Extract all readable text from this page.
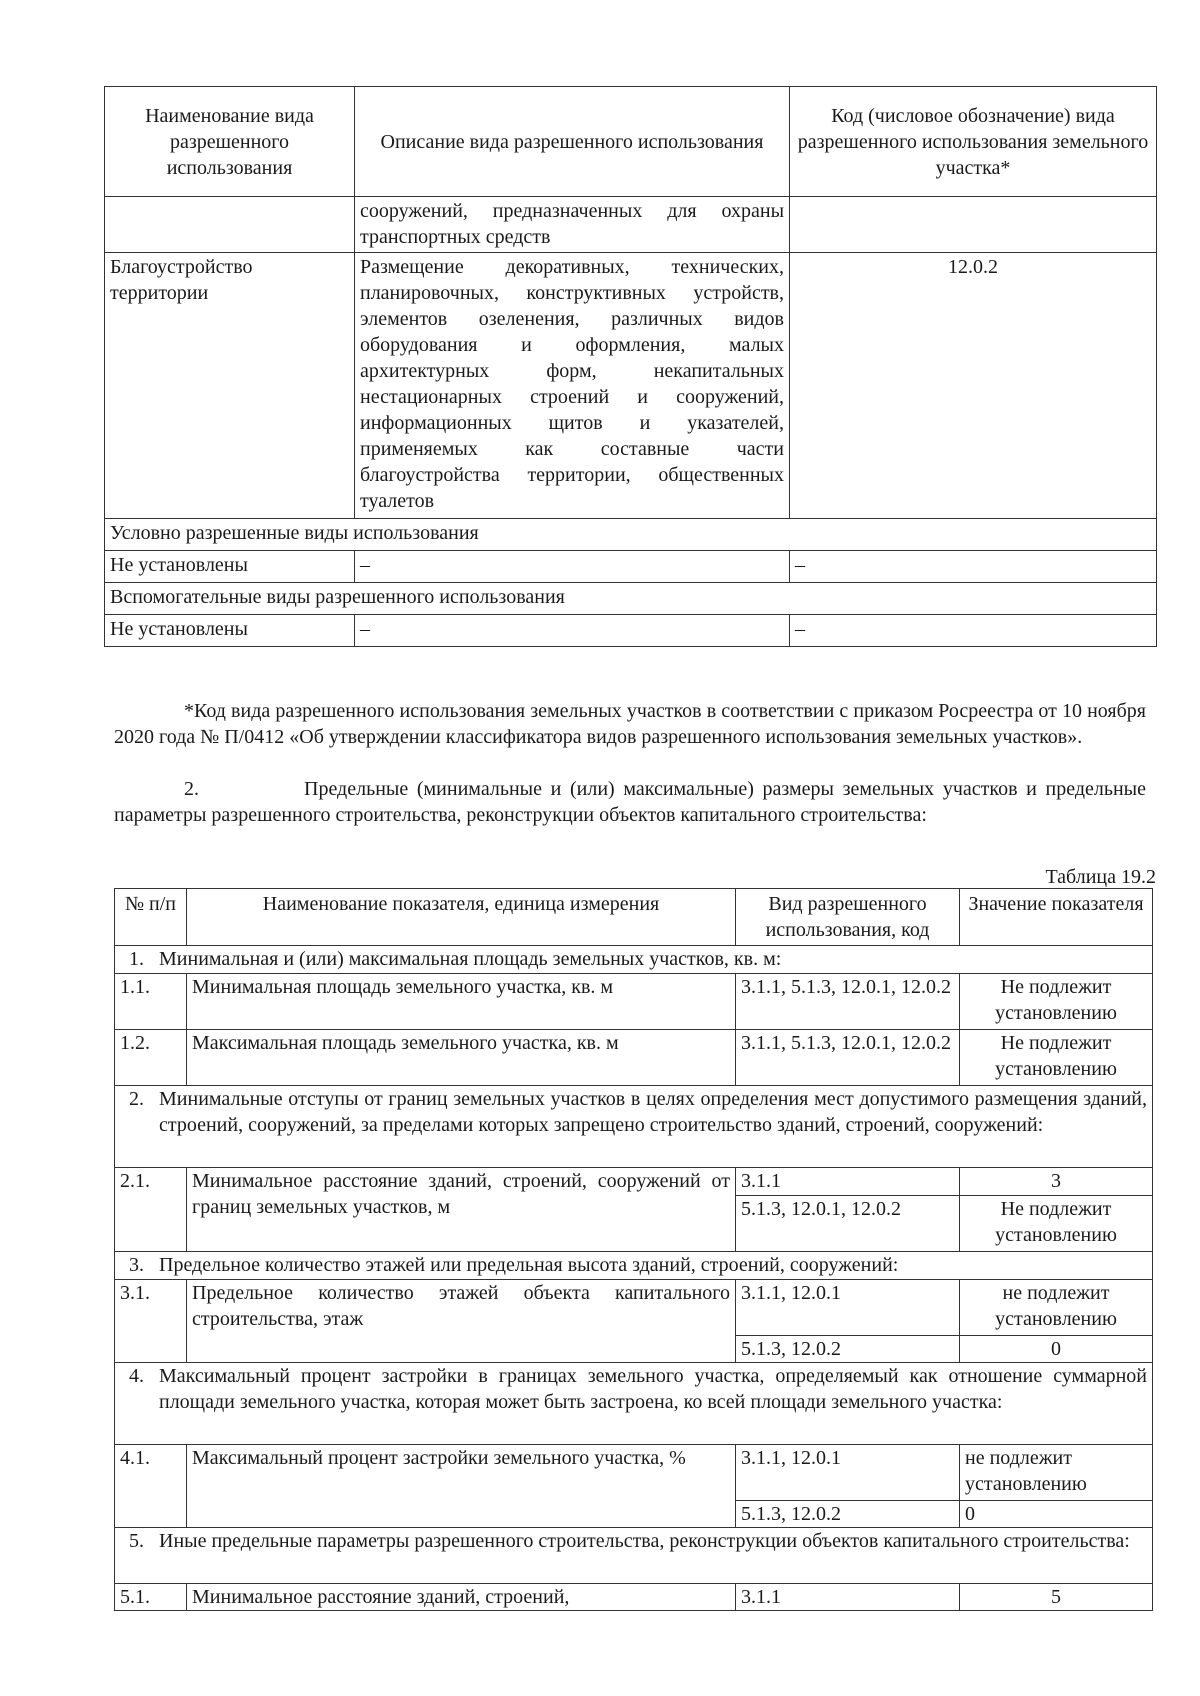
Наименование вида разрешенного использования	Описание вида разрешенного использования	Код (числовое обозначение) вида разрешенного использования земельного участка*
	сооружений, предназначенных для охраны транспортных средств	
Благоустройство территории	Размещение декоративных, технических, планировочных, конструктивных устройств, элементов озеленения, различных видов оборудования и оформления, малых архитектурных форм, некапитальных нестационарных строений и сооружений, информационных щитов и указателей, применяемых как составные части благоустройства территории, общественных туалетов	12.0.2
Условно разрешенные виды использования		
Не установлены	–	–
Вспомогательные виды разрешенного использования		
Не установлены	–	–

*Код вида разрешенного использования земельных участков в соответствии с приказом Росреестра от 10 ноября 2020 года № П/0412 «Об утверждении классификатора видов разрешенного использования земельных участков».

2.	Предельные (минимальные и (или) максимальные) размеры земельных участков и предельные параметры разрешенного строительства, реконструкции объектов капитального строительства:

Таблица 19.2

№ п/п	Наименование показателя, единица измерения	Вид разрешенного использования, код	Значение показателя

1. Минимальная и (или) максимальная площадь земельных участков, кв. м:			

1.1.	Минимальная площадь земельного участка, кв. м	3.1.1, 5.1.3, 12.0.1, 12.0.2	Не подлежит установлению
1.2.	Максимальная площадь земельного участка, кв. м	3.1.1, 5.1.3, 12.0.1, 12.0.2	Не подлежит установлению

2. Минимальные отступы от границ земельных участков в целях определения мест допустимого размещения зданий, строений, сооружений, за пределами которых запрещено строительство зданий, строений, сооружений:			

2.1.	Минимальное расстояние зданий, строений, сооружений от границ земельных участков, м	3.1.1	3
		5.1.3, 12.0.1, 12.0.2	Не подлежит установлению

3. Предельное количество этажей или предельная высота зданий, строений, сооружений:			

3.1.	Предельное количество этажей объекта капитального строительства, этаж	3.1.1, 12.0.1	не подлежит установлению
		5.1.3, 12.0.2	0

4. Максимальный процент застройки в границах земельного участка, определяемый как отношение суммарной площади земельного участка, которая может быть застроена, ко всей площади земельного участка:			

4.1.	Максимальный процент застройки земельного участка, %	3.1.1, 12.0.1	не подлежит установлению
		5.1.3, 12.0.2	0

5. Иные предельные параметры разрешенного строительства, реконструкции объектов капитального строительства:			

5.1.	Минимальное расстояние зданий, строений,	3.1.1	5
